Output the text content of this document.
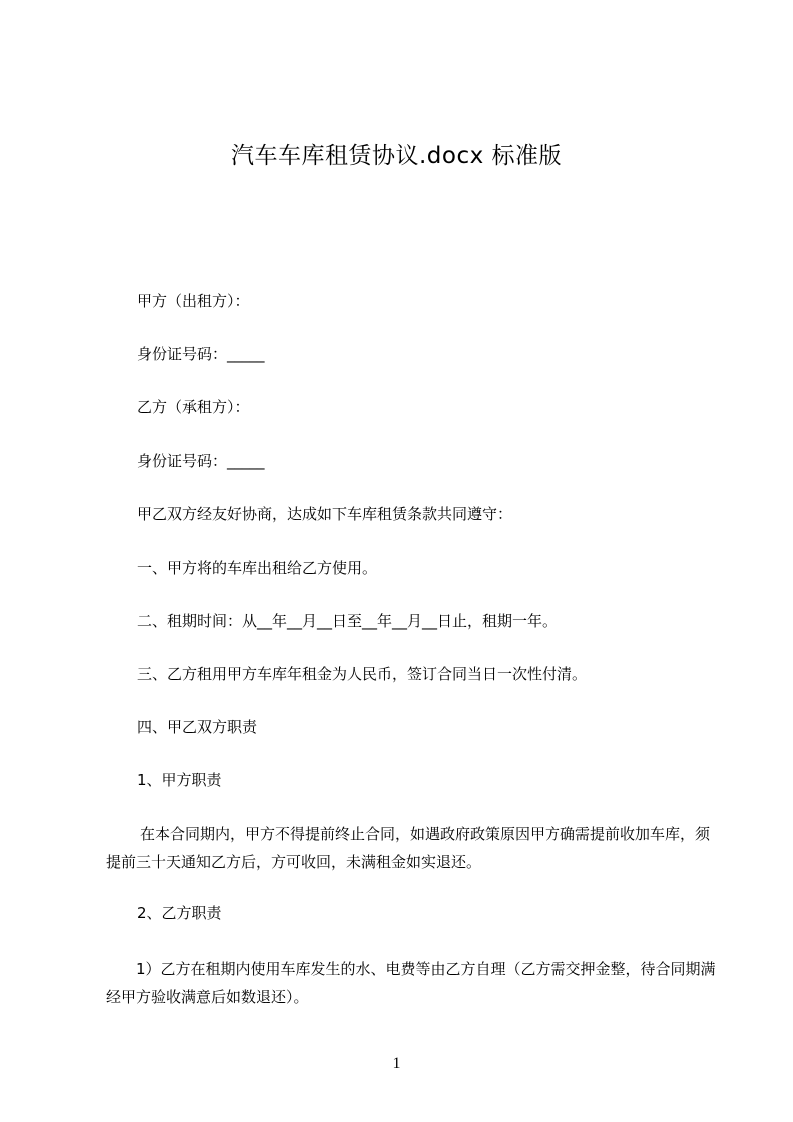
汽车车库租赁协议.docx 标准版

甲方（出租方）：

身份证号码：_____

乙方（承租方）：

身份证号码：_____

甲乙双方经友好协商，达成如下车库租赁条款共同遵守：

一、甲方将的车库出租给乙方使用。

二、租期时间：从__年__月__日至__年__月__日止，租期一年。

三、乙方租用甲方车库年租金为人民币，签订合同当日一次性付清。

四、甲乙双方职责

1、甲方职责

在本合同期内，甲方不得提前终止合同，如遇政府政策原因甲方确需提前收加车库，须提前三十天通知乙方后，方可收回，未满租金如实退还。

2、乙方职责

1）乙方在租期内使用车库发生的水、电费等由乙方自理（乙方需交押金整，待合同期满经甲方验收满意后如数退还）。

1
